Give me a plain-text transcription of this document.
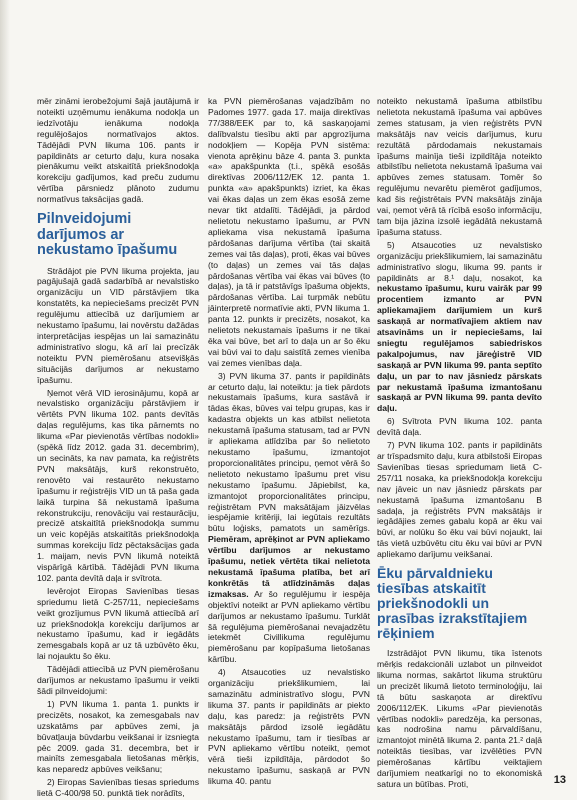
mēr zināmi ierobežojumi šajā jautājumā ir noteikti uzņēmumu ienākuma nodokļa un iedzīvotāju ienākuma nodokļa regulējošajos normatīvajos aktos. Tādējādi PVN likuma 106. pants ir papildināts ar ceturto daļu, kura nosaka pienākumu veikt atskaitītā priekšnodokļa korekciju gadījumos, kad preču zudumu vērtība pārsniedz plānoto zudumu normatīvus taksācijas gadā.

Pilnveidojumi darījumos ar nekustamo īpašumu

Strādājot pie PVN likuma projekta, jau pagājušajā gadā sadarbībā ar nevalstisko organizāciju un VID pārstāvjiem tika konstatēts, ka nepieciešams precizēt PVN regulējumu attiecībā uz darījumiem ar nekustamo īpašumu, lai novērstu dažādas interpretācijas iespējas un lai samazinātu administratīvo slogu, kā arī lai precīzāk noteiktu PVN piemērošanu atsevišķās situācijās darījumos ar nekustamo īpašumu.

Ņemot vērā VID ierosinājumu, kopā ar nevalstisko organizāciju pārstāvjiem ir vērtēts PVN likuma 102. pants devītās daļas regulējums, kas tika pārnemts no likuma «Par pievienotās vērtības nodokli» (spēkā līdz 2012. gada 31. decembrim), un secināts, ka nav pamata, ka reģistrēts PVN maksātājs, kurš rekonstruēto, renovēto vai restaurēto nekustamo īpašumu ir reģistrējis VID un tā paša gada laikā turpina šā nekustamā īpašuma rekonstrukciju, renovāciju vai restaurāciju, precizē atskaitītā priekšnodokļa summu un veic kopējās atskaitītās priekšnodokļa summas korekciju līdz pēctaksācijas gada 1. maijam, nevis PVN likumā noteiktā vispārīgā kārtībā. Tādējādi PVN likuma 102. panta devītā daļa ir svītrota.

Ievērojot Eiropas Savienības tiesas spriedumu lietā C-257/11, nepieciešams veikt grozījumus PVN likumā attiecībā arī uz priekšnodokļa korekciju darījumos ar nekustamo īpašumu, kad ir iegādāts zemesgabals kopā ar uz tā uzbūvēto ēku, lai nojauktu šo ēku.

Tādējādi attiecībā uz PVN piemērošanu darījumos ar nekustamo īpašumu ir veikti šādi pilnveidojumi:

1) PVN likuma 1. panta 1. punkts ir precizēts, nosakot, ka zemesgabals nav uzskatāms par apbūves zemi, ja būvatļauja būvdarbu veikšanai ir izsniegta pēc 2009. gada 31. decembra, bet ir mainīts zemesgabala lietošanas mērķis, kas neparedz apbūves veikšanu;

2) Eiropas Savienības tiesas spriedums lietā C-400/98 50. punktā tiek norādīts,

ka PVN piemērošanas vajadzībām no Padomes 1977. gada 17. maija direktīvas 77/388/EEK par to, kā saskaņojami dalībvalstu tiesību akti par apgrozījuma nodokļiem — Kopēja PVN sistēma: vienota aprēķinu bāze 4. panta 3. punkta «a» apakšpunkta (t.i., spēkā esošās direktīvas 2006/112/EK 12. panta 1. punkta «a» apakšpunkts) izriet, ka ēkas vai ēkas daļas un zem ēkas esošā zeme nevar tikt atdalīti. Tādējādi, ja pārdod nelietotu nekustamo īpašumu, ar PVN apliekama visa nekustamā īpašuma pārdošanas darījuma vērtība (tai skaitā zemes vai tās daļas), proti, ēkas vai būves (to daļas) un zemes vai tās daļas pārdošanas vērtība vai ēkas vai būves (to daļas), ja tā ir patstāvīgs īpašuma objekts, pārdošanas vērtība. Lai turpmāk nebūtu jāinterpretē normatīvie akti, PVN likuma 1. panta 12. punkts ir precizēts, nosakot, ka nelietots nekustamais īpašums ir ne tikai ēka vai būve, bet arī to daļa un ar šo ēku vai būvi vai to daļu saistītā zemes vienība vai zemes vienības daļa.

3) PVN likuma 37. pants ir papildināts ar ceturto daļu, lai noteiktu: ja tiek pārdots nekustamais īpašums, kura sastāvā ir tādas ēkas, būves vai telpu grupas, kas ir kadastra objekts un kas atbilst nelietota nekustamā īpašuma statusam, tad ar PVN ir apliekama atlīdzība par šo nelietoto nekustamo īpašumu, izmantojot proporcionalitātes principu, ņemot vērā šo nelietoto nekustamo īpašumu pret visu nekustamo īpašumu. Jāpiebilst, ka, izmantojot proporcionalitātes principu, reģistrētam PVN maksātājam jāizvēlas iespējamie kritēriji, lai iegūtais rezultāts būtu loģisks, pamatots un samērīgs. Piemēram, aprēķinot ar PVN apliekamo vērtību darījumos ar nekustamo īpašumu, netiek vērtēta tikai nelietota nekustamā īpašuma platība, bet arī konkrētās tā atlīdzināmās daļas izmaksas. Ar šo regulējumu ir iespēja objektīvi noteikt ar PVN apliekamo vērtību darījumos ar nekustamo īpašumu. Turklāt šā regulējuma piemērošanai nevajadzētu ietekmēt Civillikuma regulējumu piemērošanu par kopīpašuma lietošanas kārtību.

4) Atsaucoties uz nevalstisko organizāciju priekšlikumiem, lai samazinātu administratīvo slogu, PVN likuma 37. pants ir papildināts ar piekto daļu, kas paredz: ja reģistrēts PVN maksātājs pārdod izsolē iegādātu nekustamo īpašumu, tam ir tiesības ar PVN apliekamo vērtību noteikt, ņemot vērā tieši izpildītāja, pārdodot šo nekustamo īpašumu, saskaņā ar PVN likuma 40. pantu

noteikto nekustamā īpašuma atbilstību nelietota nekustamā īpašuma vai apbūves zemes statusam, ja vien reģistrēts PVN maksātājs nav veicis darījumus, kuru rezultātā pārdodamais nekustamais īpašums mainīja tieši izpildītāja noteikto atbilstību nelietota nekustamā īpašuma vai apbūves zemes statusam. Tomēr šo regulējumu nevarētu piemērot gadījumos, kad šis reģistrētais PVN maksātājs zināja vai, ņemot vērā tā rīcībā esošo informāciju, tam bija jāzina izsolē iegādātā nekustamā īpašuma statuss.

5) Atsaucoties uz nevalstisko organizāciju priekšlikumiem, lai samazinātu administratīvo slogu, likuma 99. pants ir papildināts ar 8.¹ daļu, nosakot, ka nekustamo īpašumu, kuru vairāk par 99 procentiem izmanto ar PVN apliekamajiem darījumiem un kurš saskaņā ar normatīvajiem aktiem nav atsavināms un ir nepieciešams, lai sniegtu regulējamos sabiedriskos pakalpojumus, nav jāreģistrē VID saskaņā ar PVN likuma 99. panta septīto daļu, un par to nav jāsniedz pārskats par nekustamā īpašuma izmantošanu saskaņā ar PVN likuma 99. panta devīto daļu.

6) Svītrota PVN likuma 102. panta devītā daļa.

7) PVN likuma 102. pants ir papildināts ar trīspadsmito daļu, kura atbilstoši Eiropas Savienības tiesas spriedumam lietā C-257/11 nosaka, ka priekšnodokļa korekciju nav jāveic un nav jāsniedz pārskats par nekustamā īpašuma izmantošanu B sadaļa, ja reģistrēts PVN maksātājs ir iegādājies zemes gabalu kopā ar ēku vai būvi, ar nolūku šo ēku vai būvi nojaukt, lai tās vietā uzbūvētu citu ēku vai būvi ar PVN apliekamo darījumu veikšanai.

Ēku pārvaldnieku tiesības atskaitīt priekšnodokli un prasības izrakstītajiem rēķiniem

Izstrādājot PVN likumu, tika īstenots mērķis redakcionāli uzlabot un pilnveidot likuma normas, sakārtot likuma struktūru un precizēt likumā lietoto terminoloģiju, lai tā būtu saskaņota ar direktīvu 2006/112/EK. Likums «Par pievienotās vērtības nodokli» paredzēja, ka personas, kas nodrošina namu pārvaldīšanu, izmantojot minētā likuma 2. panta 21.² daļā noteiktās tiesības, var izvēlēties PVN piemērošanas kārtību veiktajiem darījumiem neatkarīgi no to ekonomiskā satura un būtības. Proti,	13
